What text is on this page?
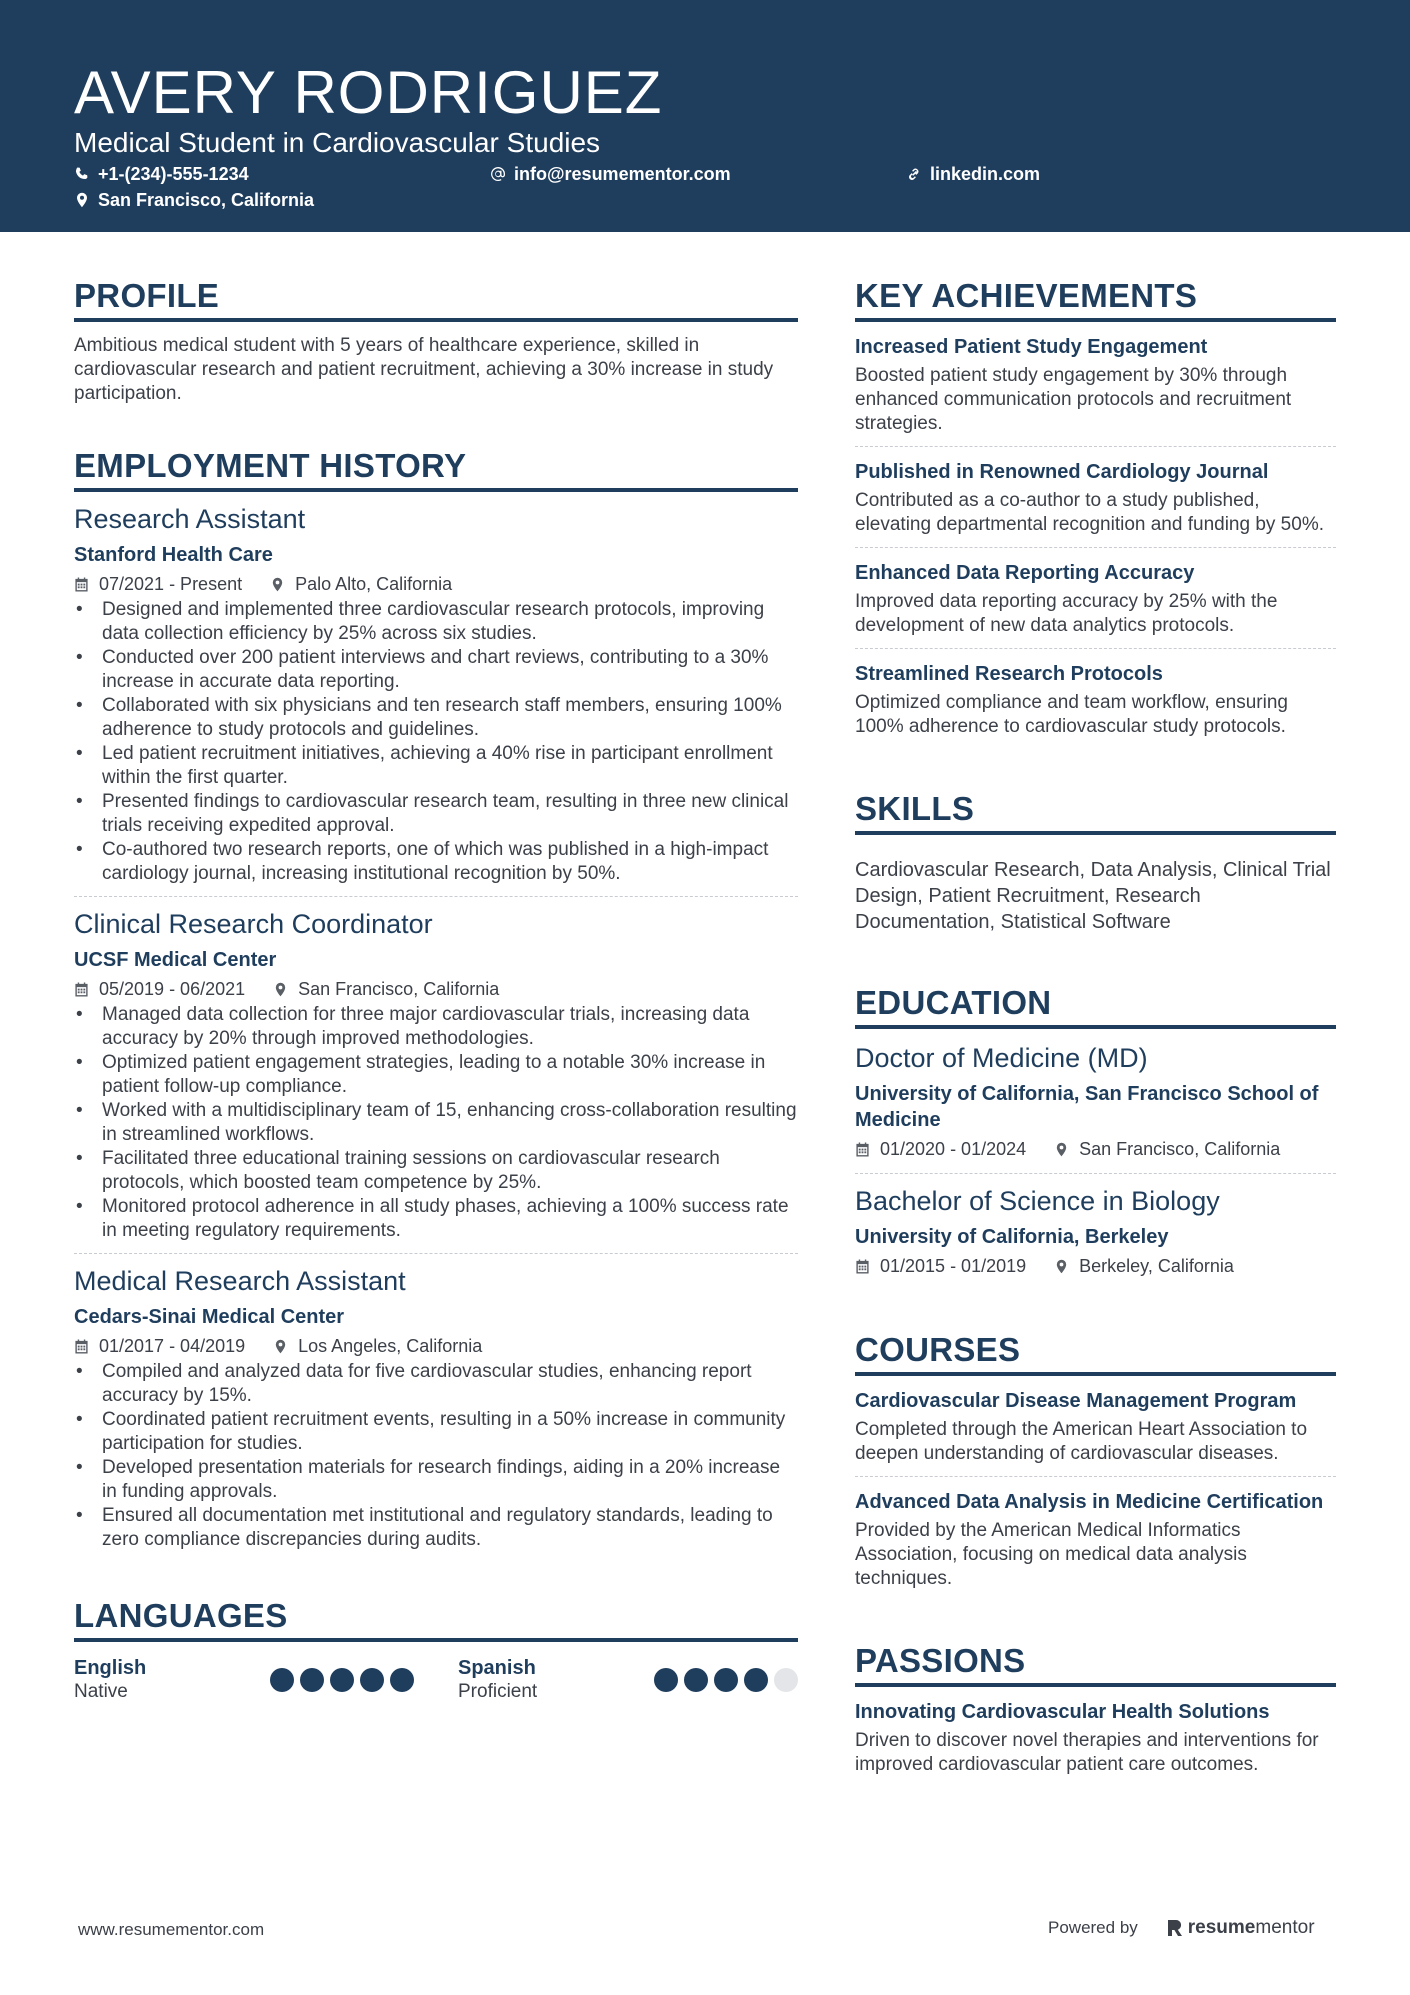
AVERY RODRIGUEZ
Medical Student in Cardiovascular Studies
+1-(234)-555-1234	info@resumementor.com	linkedin.com
San Francisco, California
PROFILE

Ambitious medical student with 5 years of healthcare experience, skilled in cardiovascular research and patient recruitment, achieving a 30% increase in study participation.

EMPLOYMENT HISTORY
Research Assistant
Stanford Health Care
07/2021 - Present	Palo Alto, California
• Designed and implemented three cardiovascular research protocols, improving data collection efficiency by 25% across six studies.
• Conducted over 200 patient interviews and chart reviews, contributing to a 30% increase in accurate data reporting.
• Collaborated with six physicians and ten research staff members, ensuring 100% adherence to study protocols and guidelines.
• Led patient recruitment initiatives, achieving a 40% rise in participant enrollment within the first quarter.
• Presented findings to cardiovascular research team, resulting in three new clinical trials receiving expedited approval.
• Co-authored two research reports, one of which was published in a high-impact cardiology journal, increasing institutional recognition by 50%.
Clinical Research Coordinator
UCSF Medical Center
05/2019 - 06/2021	San Francisco, California
• Managed data collection for three major cardiovascular trials, increasing data accuracy by 20% through improved methodologies.
• Optimized patient engagement strategies, leading to a notable 30% increase in patient follow-up compliance.
• Worked with a multidisciplinary team of 15, enhancing cross-collaboration resulting in streamlined workflows.
• Facilitated three educational training sessions on cardiovascular research protocols, which boosted team competence by 25%.
• Monitored protocol adherence in all study phases, achieving a 100% success rate in meeting regulatory requirements.
Medical Research Assistant
Cedars-Sinai Medical Center
01/2017 - 04/2019	Los Angeles, California
• Compiled and analyzed data for five cardiovascular studies, enhancing report accuracy by 15%.
• Coordinated patient recruitment events, resulting in a 50% increase in community participation for studies.
• Developed presentation materials for research findings, aiding in a 20% increase in funding approvals.
• Ensured all documentation met institutional and regulatory standards, leading to zero compliance discrepancies during audits.
LANGUAGES
English
Native
Spanish
Proficient
KEY ACHIEVEMENTS
Increased Patient Study Engagement

Boosted patient study engagement by 30% through enhanced communication protocols and recruitment strategies.

Published in Renowned Cardiology Journal

Contributed as a co-author to a study published, elevating departmental recognition and funding by 50%.

Enhanced Data Reporting Accuracy

Improved data reporting accuracy by 25% with the development of new data analytics protocols.

Streamlined Research Protocols

Optimized compliance and team workflow, ensuring 100% adherence to cardiovascular study protocols.

SKILLS
Cardiovascular Research, Data Analysis, Clinical Trial Design, Patient Recruitment, Research Documentation, Statistical Software
EDUCATION
Doctor of Medicine (MD)
University of California, San Francisco School of Medicine
01/2020 - 01/2024	San Francisco, California
Bachelor of Science in Biology
University of California, Berkeley
01/2015 - 01/2019	Berkeley, California
COURSES
Cardiovascular Disease Management Program

Completed through the American Heart Association to deepen understanding of cardiovascular diseases.

Advanced Data Analysis in Medicine Certification

Provided by the American Medical Informatics Association, focusing on medical data analysis techniques.

PASSIONS
Innovating Cardiovascular Health Solutions

Driven to discover novel therapies and interventions for improved cardiovascular patient care outcomes.

www.resumementor.com	Powered by	resume mentor
